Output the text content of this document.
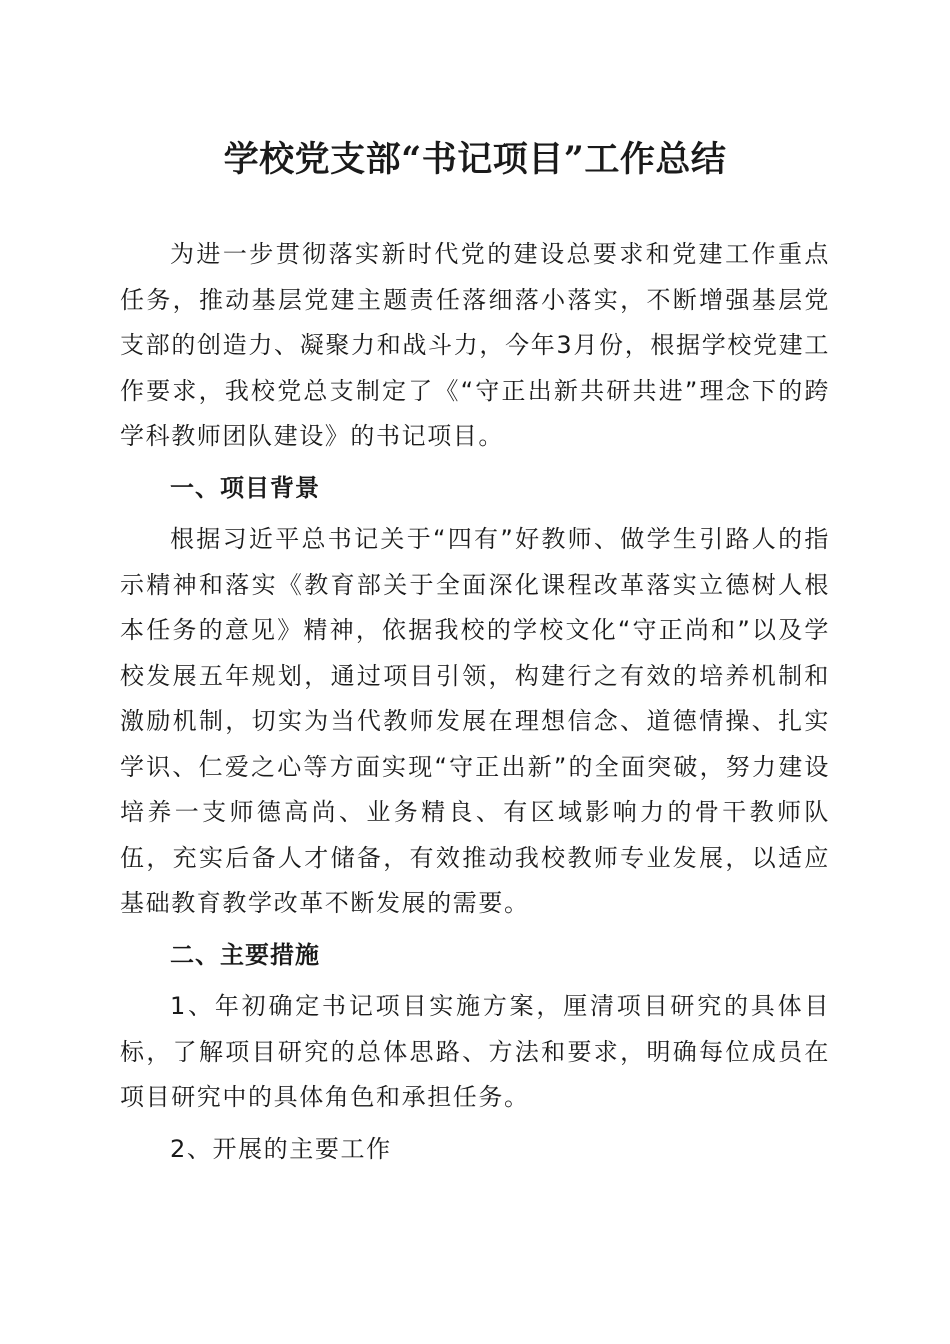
学校党支部“书记项目”工作总结

为进一步贯彻落实新时代党的建设总要求和党建工作重点任务，推动基层党建主题责任落细落小落实，不断增强基层党支部的创造力、凝聚力和战斗力，今年3月份，根据学校党建工作要求，我校党总支制定了《“守正出新共研共进”理念下的跨学科教师团队建设》的书记项目。

一、项目背景

根据习近平总书记关于“四有”好教师、做学生引路人的指示精神和落实《教育部关于全面深化课程改革落实立德树人根本任务的意见》精神，依据我校的学校文化“守正尚和”以及学校发展五年规划，通过项目引领，构建行之有效的培养机制和激励机制，切实为当代教师发展在理想信念、道德情操、扎实学识、仁爱之心等方面实现“守正出新”的全面突破，努力建设培养一支师德高尚、业务精良、有区域影响力的骨干教师队伍，充实后备人才储备，有效推动我校教师专业发展，以适应基础教育教学改革不断发展的需要。

二、主要措施

1、年初确定书记项目实施方案，厘清项目研究的具体目标，了解项目研究的总体思路、方法和要求，明确每位成员在项目研究中的具体角色和承担任务。

2、开展的主要工作
